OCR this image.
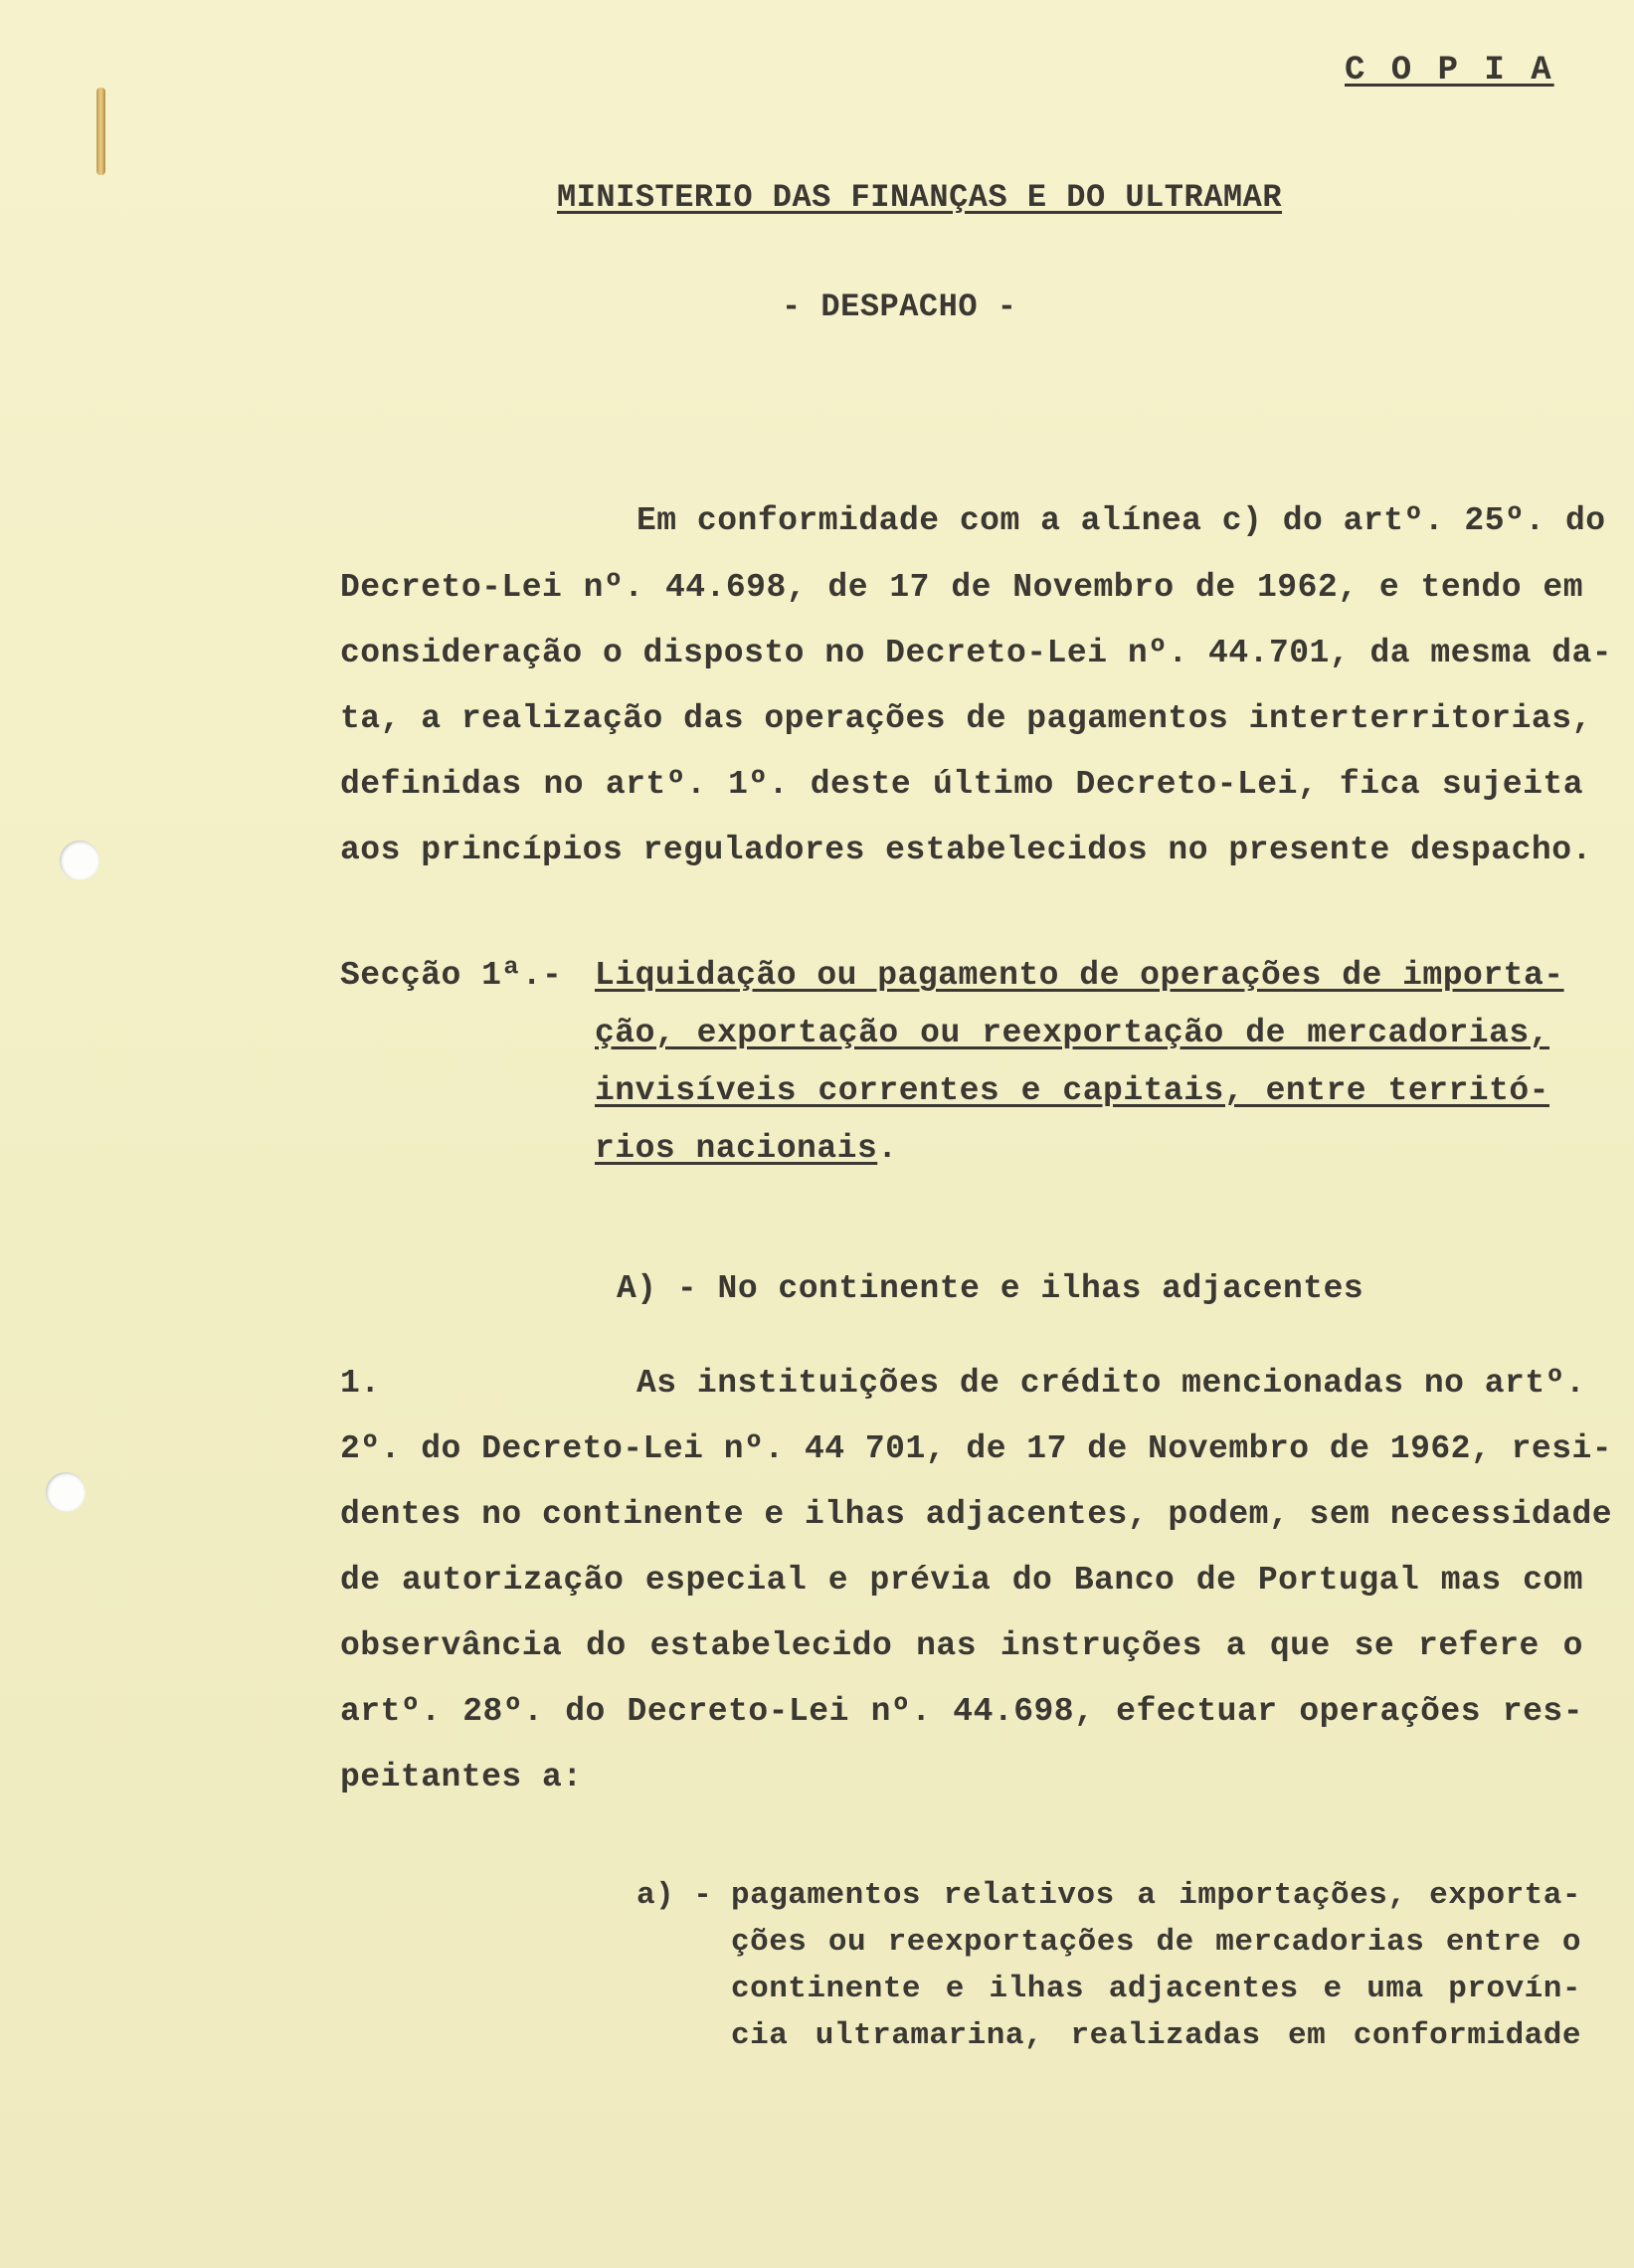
C O P I A
MINISTERIO DAS FINANÇAS E DO ULTRAMAR
- DESPACHO -
Em conformidade com a alínea c) do artº. 25º. do
Decreto-Lei nº. 44.698, de 17 de Novembro de 1962, e tendo em
consideração o disposto no Decreto-Lei nº. 44.701, da mesma da-
ta, a realização das operações de pagamentos interterritorias,
definidas no artº. 1º. deste último Decreto-Lei, fica sujeita
aos princípios reguladores estabelecidos no presente despacho.
Secção 1ª.- Liquidação ou pagamento de operações de importa-
ção, exportação ou reexportação de mercadorias,
invisíveis correntes e capitais, entre territó-
rios nacionais.
A) - No continente e ilhas adjacentes
1.	As instituições de crédito mencionadas no artº.
2º. do Decreto-Lei nº. 44 701, de 17 de Novembro de 1962, resi-
dentes no continente e ilhas adjacentes, podem, sem necessidade
de autorização especial e prévia do Banco de Portugal mas com
observância do estabelecido nas instruções a que se refere o
artº. 28º. do Decreto-Lei nº. 44.698, efectuar operações res-
peitantes a:
a) - pagamentos relativos a importações, exporta-
ções ou reexportações de mercadorias entre o
continente e ilhas adjacentes e uma provín-
cia ultramarina, realizadas em conformidade
